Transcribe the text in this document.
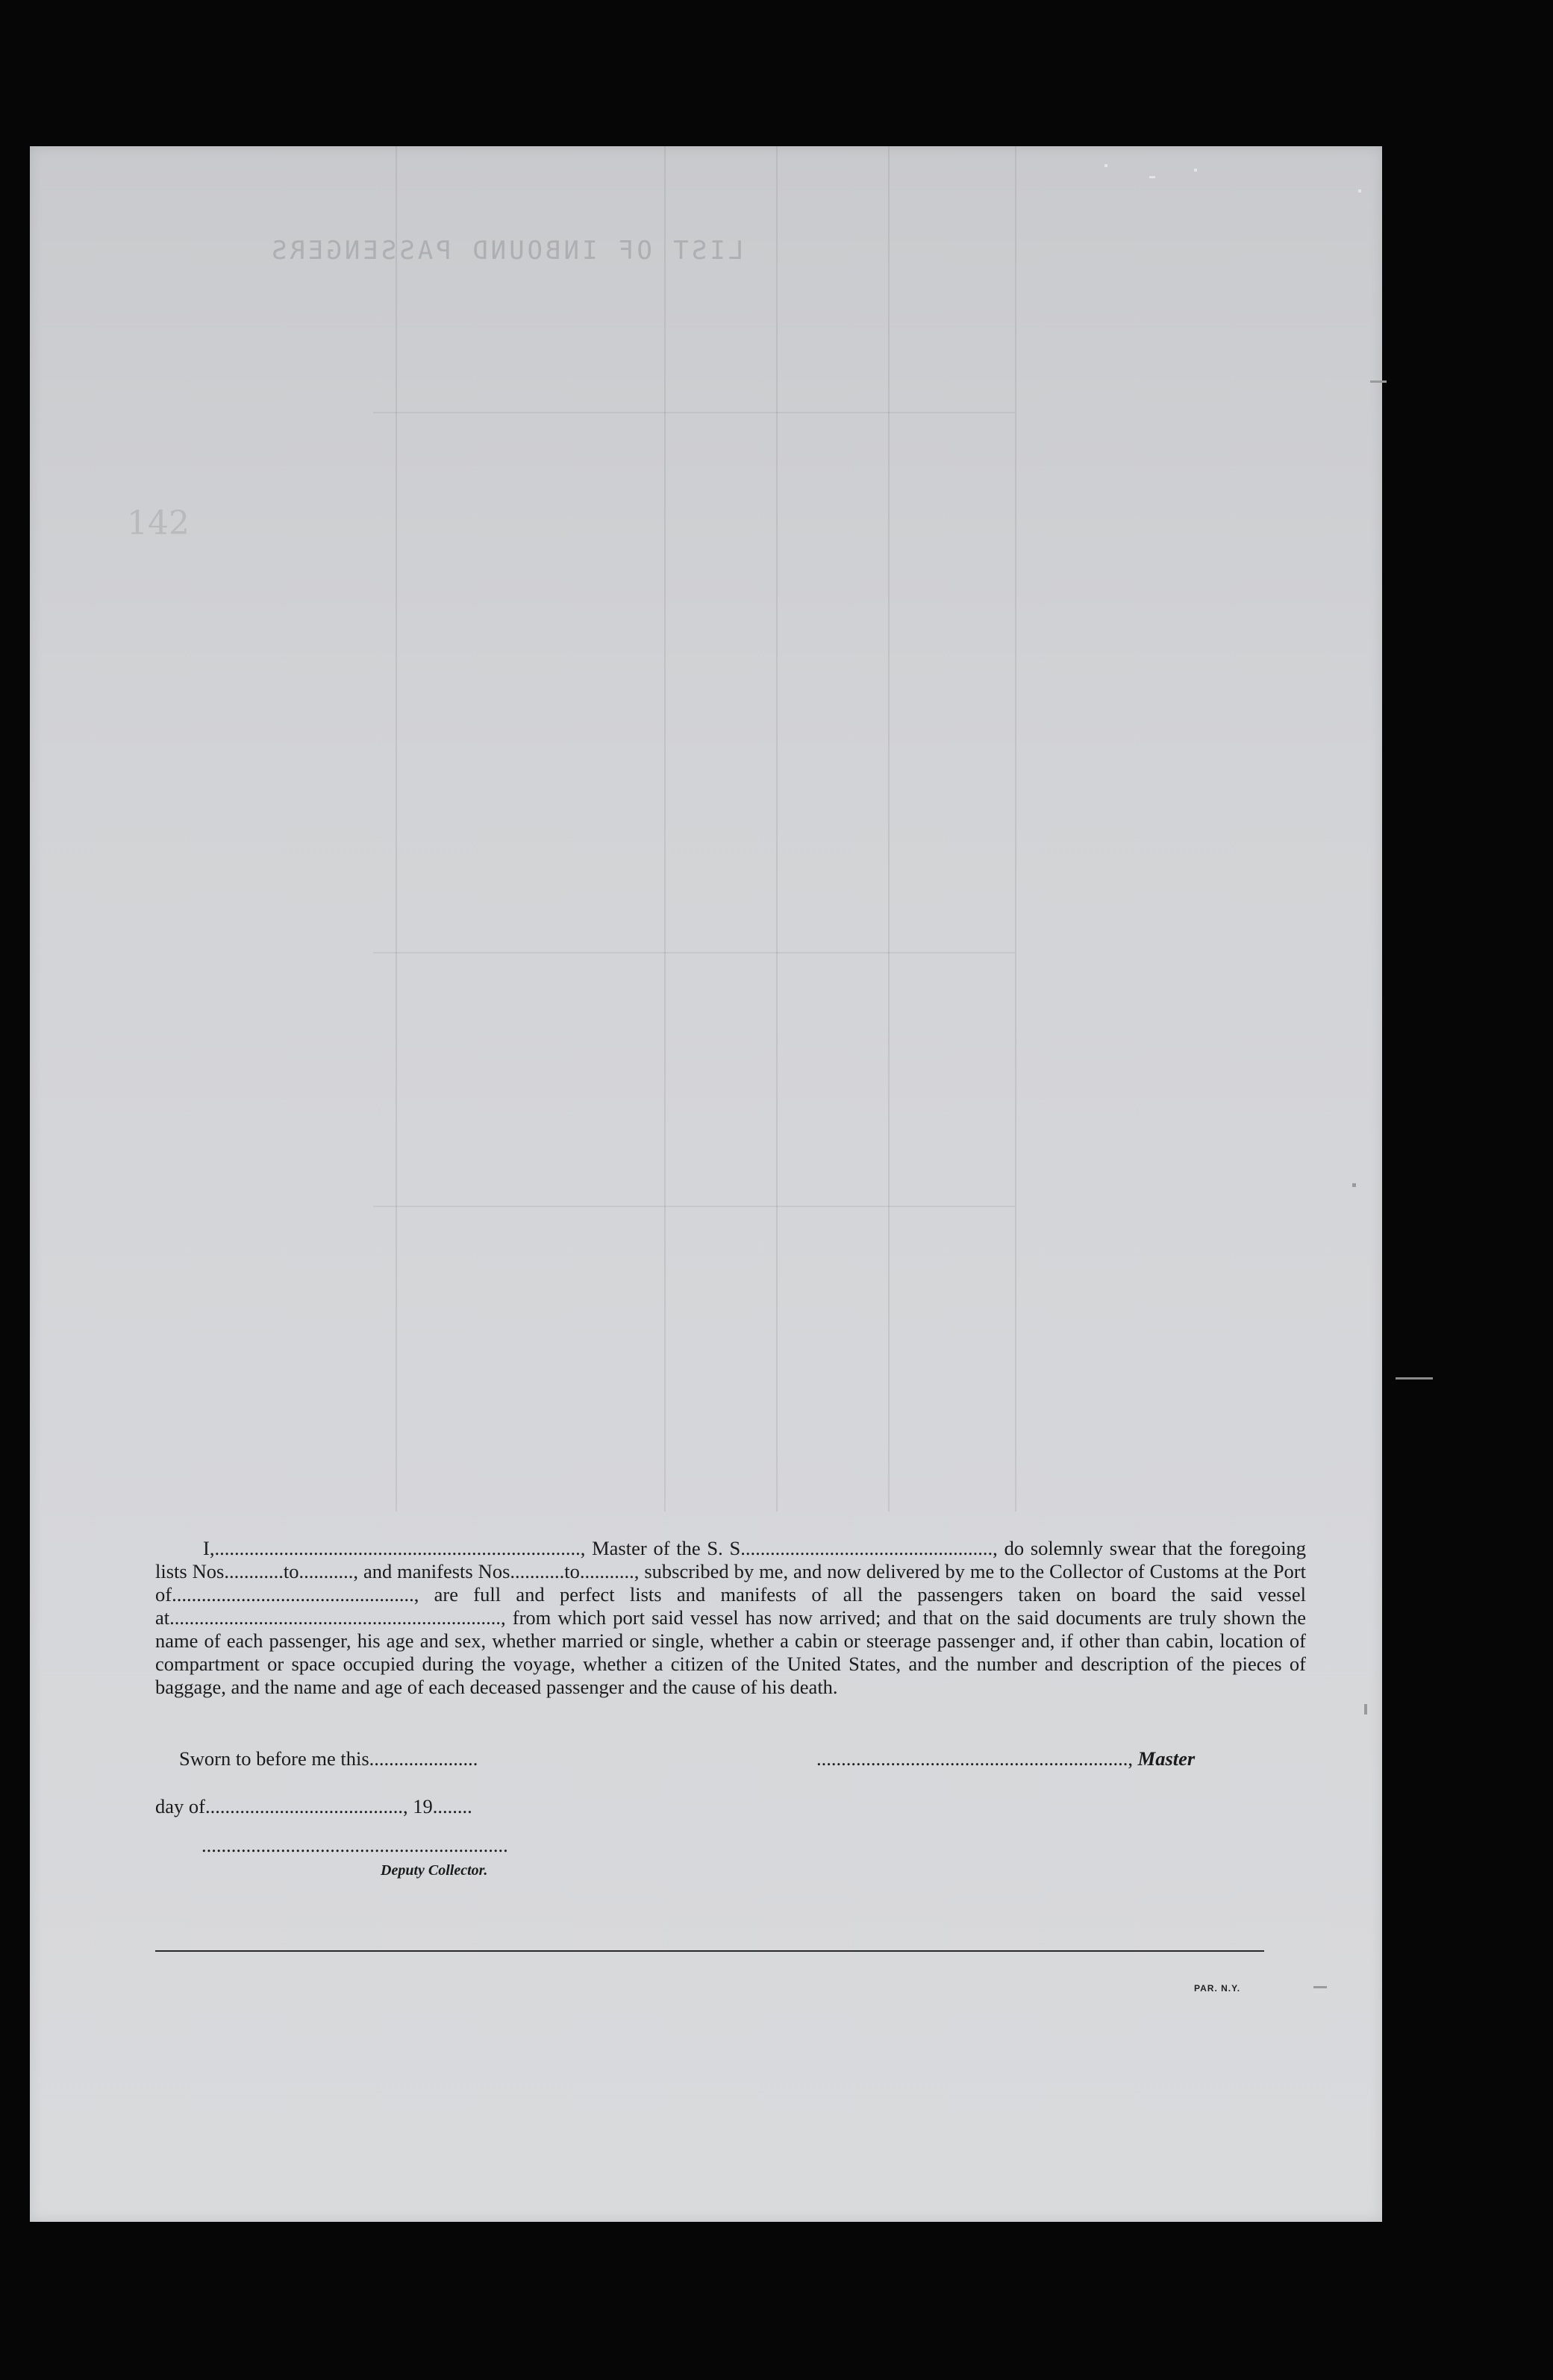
LIST OF INBOUND PASSENGERS
142

I,.........................................................................., Master of the S. S..................................................., do solemnly swear that the foregoing lists Nos............to..........., and manifests Nos...........to..........., subscribed by me, and now delivered by me to the Collector of Customs at the Port of................................................., are full and perfect lists and manifests of all the passengers taken on board the said vessel at..................................................................., from which port said vessel has now arrived; and that on the said documents are truly shown the name of each passenger, his age and sex, whether married or single, whether a cabin or steerage passenger and, if other than cabin, location of compartment or space occupied during the voyage, whether a citizen of the United States, and the number and description of the pieces of baggage, and the name and age of each deceased passenger and the cause of his death.

Sworn to before me this......................	..............................................................., Master
day of........................................, 19........
..............................................................
Deputy Collector.
PAR. N.Y.
